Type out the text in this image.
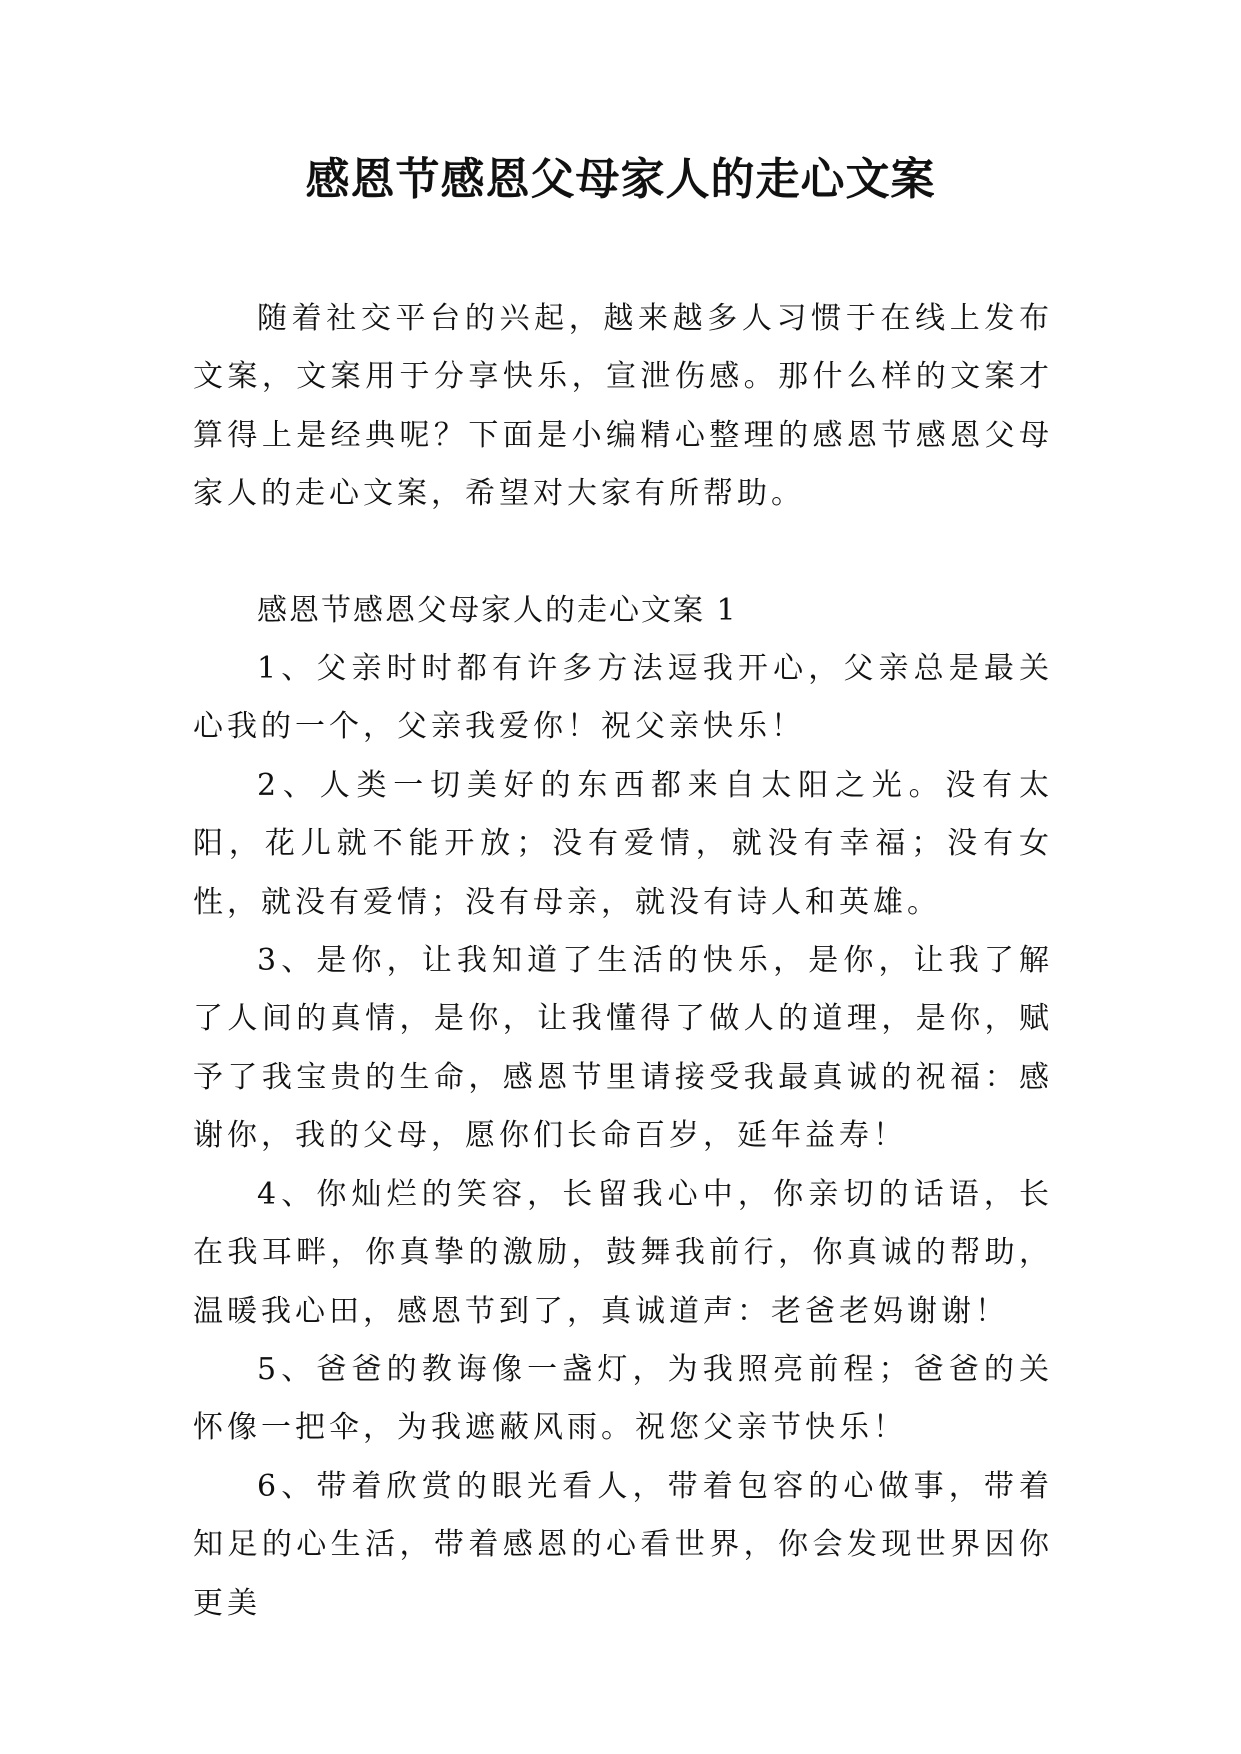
感恩节感恩父母家人的走心文案

随着社交平台的兴起，越来越多人习惯于在线上发布文案，文案用于分享快乐，宣泄伤感。那什么样的文案才算得上是经典呢？下面是小编精心整理的感恩节感恩父母家人的走心文案，希望对大家有所帮助。

感恩节感恩父母家人的走心文案 1

1、父亲时时都有许多方法逗我开心，父亲总是最关心我的一个，父亲我爱你！祝父亲快乐！

2、人类一切美好的东西都来自太阳之光。没有太阳，花儿就不能开放；没有爱情，就没有幸福；没有女性，就没有爱情；没有母亲，就没有诗人和英雄。

3、是你，让我知道了生活的快乐，是你，让我了解了人间的真情，是你，让我懂得了做人的道理，是你，赋予了我宝贵的生命，感恩节里请接受我最真诚的祝福：感谢你，我的父母，愿你们长命百岁，延年益寿！

4、你灿烂的笑容，长留我心中，你亲切的话语，长在我耳畔，你真挚的激励，鼓舞我前行，你真诚的帮助，温暖我心田，感恩节到了，真诚道声：老爸老妈谢谢！

5、爸爸的教诲像一盏灯，为我照亮前程；爸爸的关怀像一把伞，为我遮蔽风雨。祝您父亲节快乐！

6、带着欣赏的眼光看人，带着包容的心做事，带着知足的心生活，带着感恩的心看世界，你会发现世界因你更美
